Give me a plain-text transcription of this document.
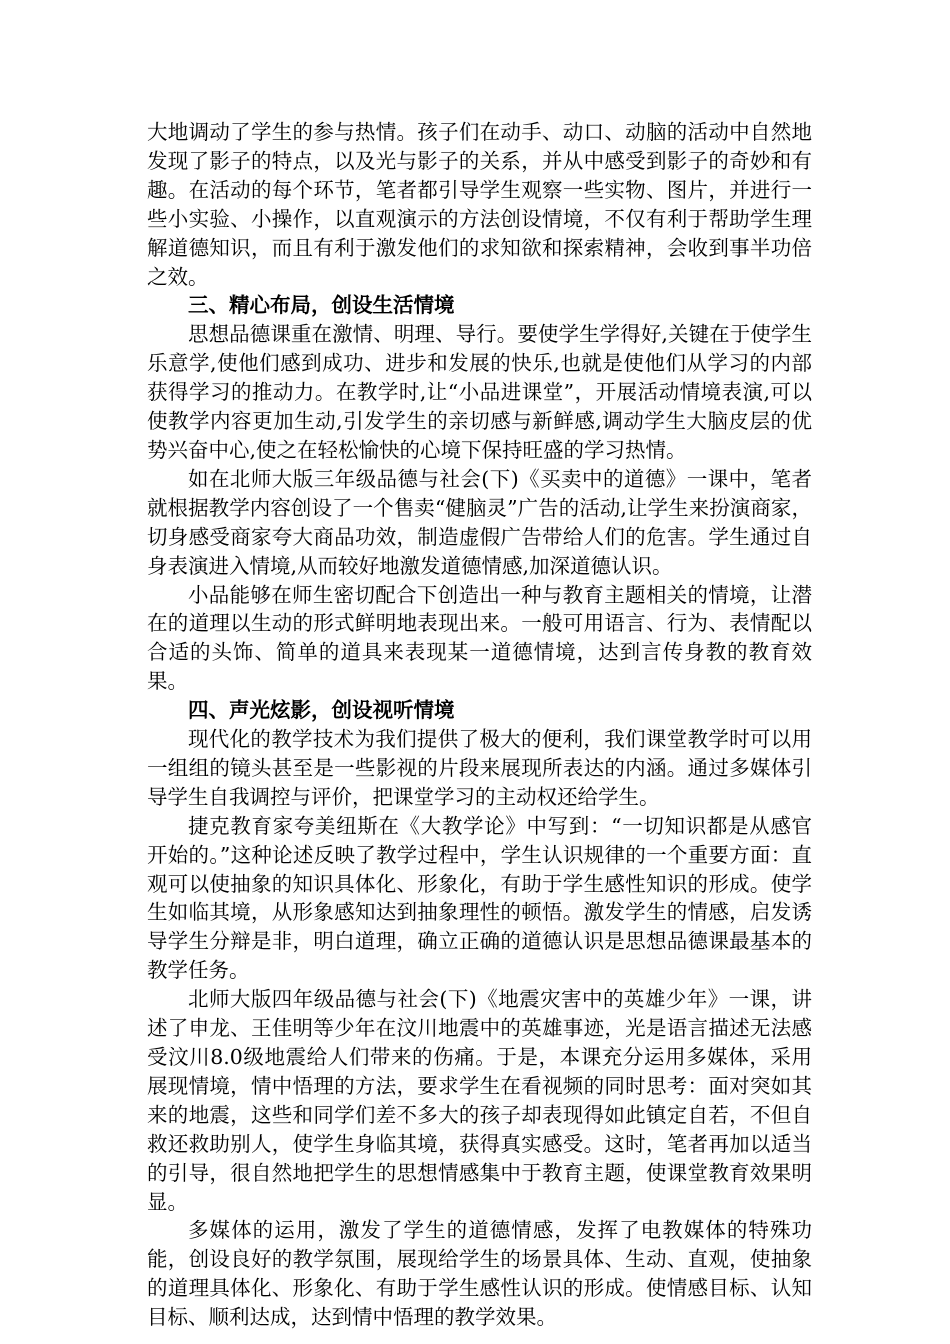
大地调动了学生的参与热情。孩子们在动手、动口、动脑的活动中自然地发现了影子的特点，以及光与影子的关系，并从中感受到影子的奇妙和有趣。在活动的每个环节，笔者都引导学生观察一些实物、图片，并进行一些小实验、小操作，以直观演示的方法创设情境，不仅有利于帮助学生理解道德知识，而且有利于激发他们的求知欲和探索精神，会收到事半功倍之效。

三、精心布局，创设生活情境

思想品德课重在激情、明理、导行。要使学生学得好,关键在于使学生乐意学,使他们感到成功、进步和发展的快乐,也就是使他们从学习的内部获得学习的推动力。在教学时,让“小品进课堂”，开展活动情境表演,可以使教学内容更加生动,引发学生的亲切感与新鲜感,调动学生大脑皮层的优势兴奋中心,使之在轻松愉快的心境下保持旺盛的学习热情。

如在北师大版三年级品德与社会(下)《买卖中的道德》一课中，笔者就根据教学内容创设了一个售卖“健脑灵”广告的活动,让学生来扮演商家，切身感受商家夸大商品功效，制造虚假广告带给人们的危害。学生通过自身表演进入情境,从而较好地激发道德情感,加深道德认识。

小品能够在师生密切配合下创造出一种与教育主题相关的情境，让潜在的道理以生动的形式鲜明地表现出来。一般可用语言、行为、表情配以合适的头饰、简单的道具来表现某一道德情境，达到言传身教的教育效果。

四、声光炫影，创设视听情境

现代化的教学技术为我们提供了极大的便利，我们课堂教学时可以用一组组的镜头甚至是一些影视的片段来展现所表达的内涵。通过多媒体引导学生自我调控与评价，把课堂学习的主动权还给学生。

捷克教育家夸美纽斯在《大教学论》中写到：“一切知识都是从感官开始的。”这种论述反映了教学过程中，学生认识规律的一个重要方面：直观可以使抽象的知识具体化、形象化，有助于学生感性知识的形成。使学生如临其境，从形象感知达到抽象理性的顿悟。激发学生的情感，启发诱导学生分辩是非，明白道理，确立正确的道德认识是思想品德课最基本的教学任务。

北师大版四年级品德与社会(下)《地震灾害中的英雄少年》一课，讲述了申龙、王佳明等少年在汶川地震中的英雄事迹，光是语言描述无法感受汶川8.0级地震给人们带来的伤痛。于是，本课充分运用多媒体，采用展现情境，情中悟理的方法，要求学生在看视频的同时思考：面对突如其来的地震，这些和同学们差不多大的孩子却表现得如此镇定自若，不但自救还救助别人，使学生身临其境，获得真实感受。这时，笔者再加以适当的引导，很自然地把学生的思想情感集中于教育主题，使课堂教育效果明显。

多媒体的运用，激发了学生的道德情感，发挥了电教媒体的特殊功能，创设良好的教学氛围，展现给学生的场景具体、生动、直观，使抽象的道理具体化、形象化、有助于学生感性认识的形成。使情感目标、认知目标、顺利达成，达到情中悟理的教学效果。
